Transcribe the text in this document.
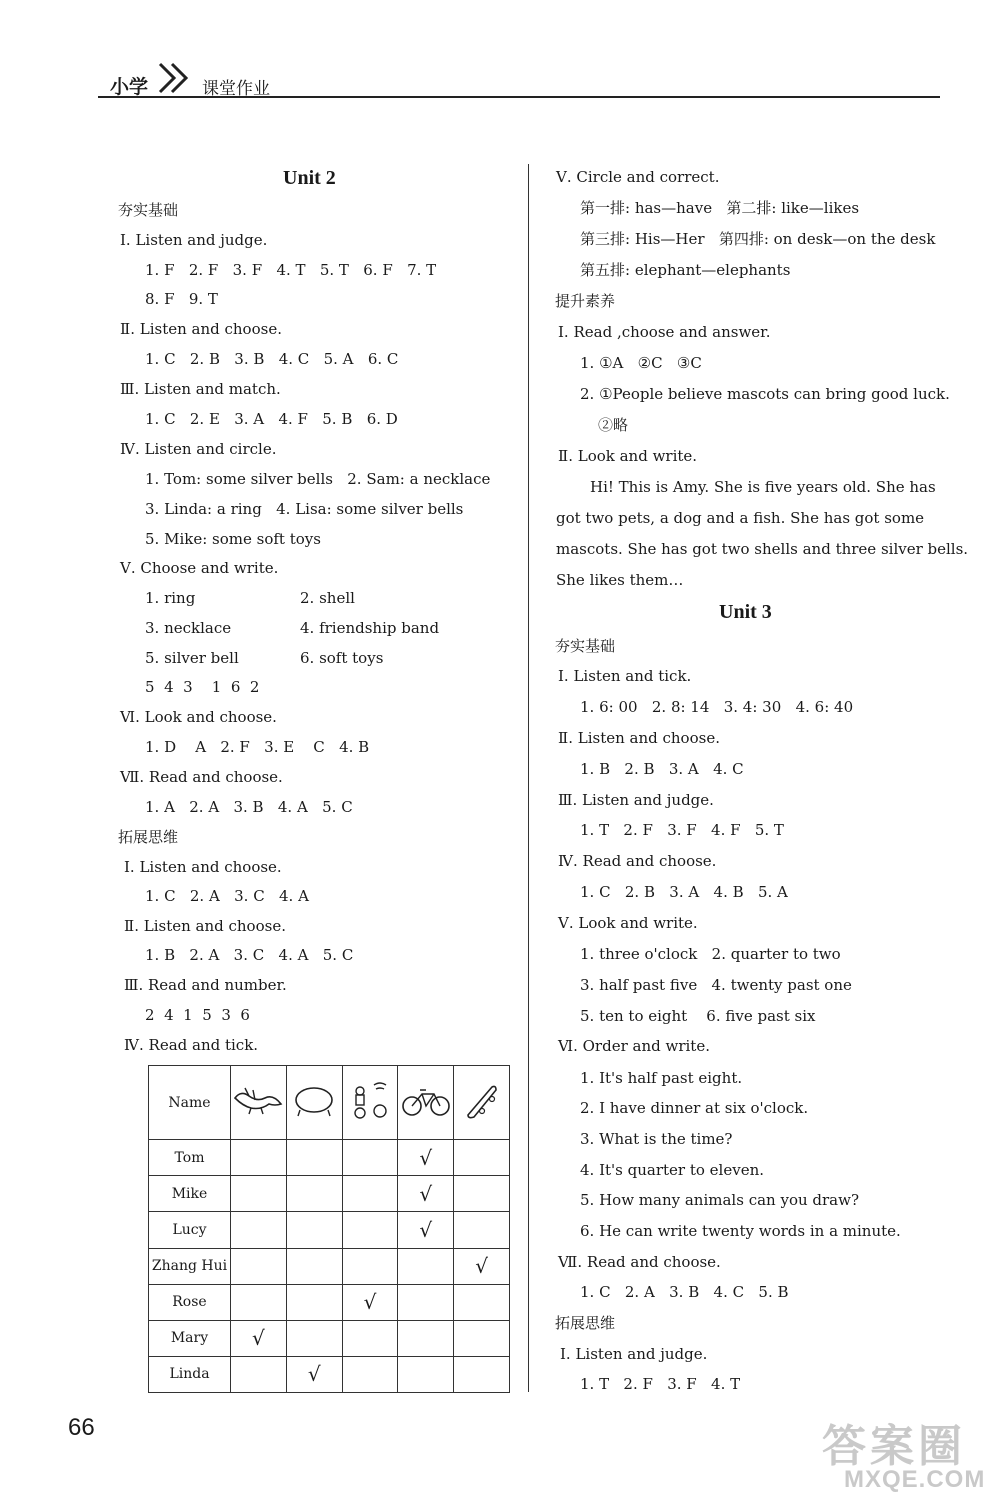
小学	课堂作业
Unit 2
夯实基础
Ⅰ. Listen and judge.
1. F 2. F 3. F 4. T 5. T 6. F 7. T
8. F 9. T
Ⅱ. Listen and choose.
1. C 2. B 3. B 4. C 5. A 6. C
Ⅲ. Listen and match.
1. C 2. E 3. A 4. F 5. B 6. D
Ⅳ. Listen and circle.
1. Tom: some silver bells 2. Sam: a necklace
3. Linda: a ring 4. Lisa: some silver bells
5. Mike: some soft toys
Ⅴ. Choose and write.
1. ring	2. shell
3. necklace	4. friendship band
5. silver bell	6. soft toys
5  4  3    1  6  2
Ⅵ. Look and choose.
1. D A 2. F 3. E C 4. B
Ⅶ. Read and choose.
1. A 2. A 3. B 4. A 5. C
拓展思维
Ⅰ. Listen and choose.
1. C 2. A 3. C 4. A
Ⅱ. Listen and choose.
1. B 2. A 3. C 4. A 5. C
Ⅲ. Read and number.
2  4  1  5  3  6
Ⅳ. Read and tick.
Name					
Tom				√	
Mike				√	
Lucy				√	
Zhang Hui					√
Rose			√		
Mary	√				
Linda		√			
Ⅴ. Circle and correct.
第一排: has—have   第二排: like—likes
第三排: His—Her   第四排: on desk—on the desk
第五排: elephant—elephants
提升素养
Ⅰ. Read ,choose and answer.
1. ①A   ②C   ③C
2. ①People believe mascots can bring good luck.
②略
Ⅱ. Look and write.
Hi! This is Amy. She is five years old. She has
got two pets, a dog and a fish. She has got some
mascots. She has got two shells and three silver bells.
She likes them…
Unit 3
夯实基础
Ⅰ. Listen and tick.
1. 6: 00 2. 8: 14 3. 4: 30 4. 6: 40
Ⅱ. Listen and choose.
1. B 2. B 3. A 4. C
Ⅲ. Listen and judge.
1. T 2. F 3. F 4. F 5. T
Ⅳ. Read and choose.
1. C 2. B 3. A 4. B 5. A
Ⅴ. Look and write.
1. three o'clock 2. quarter to two
3. half past five 4. twenty past one
5. ten to eight 6. five past six
Ⅵ. Order and write.
1. It's half past eight.
2. I have dinner at six o'clock.
3. What is the time?
4. It's quarter to eleven.
5. How many animals can you draw?
6. He can write twenty words in a minute.
Ⅶ. Read and choose.
1. C 2. A 3. B 4. C 5. B
拓展思维
Ⅰ. Listen and judge.
1. T 2. F 3. F 4. T
66	答案圈
MXQE.COM
